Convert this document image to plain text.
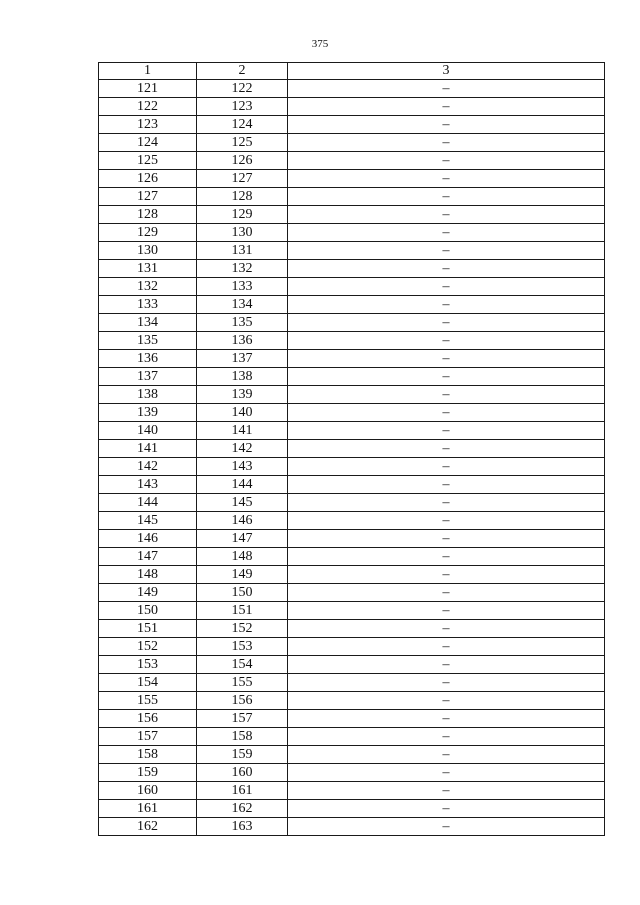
375
1	2	3
121	122	–
122	123	–
123	124	–
124	125	–
125	126	–
126	127	–
127	128	–
128	129	–
129	130	–
130	131	–
131	132	–
132	133	–
133	134	–
134	135	–
135	136	–
136	137	–
137	138	–
138	139	–
139	140	–
140	141	–
141	142	–
142	143	–
143	144	–
144	145	–
145	146	–
146	147	–
147	148	–
148	149	–
149	150	–
150	151	–
151	152	–
152	153	–
153	154	–
154	155	–
155	156	–
156	157	–
157	158	–
158	159	–
159	160	–
160	161	–
161	162	–
162	163	–
